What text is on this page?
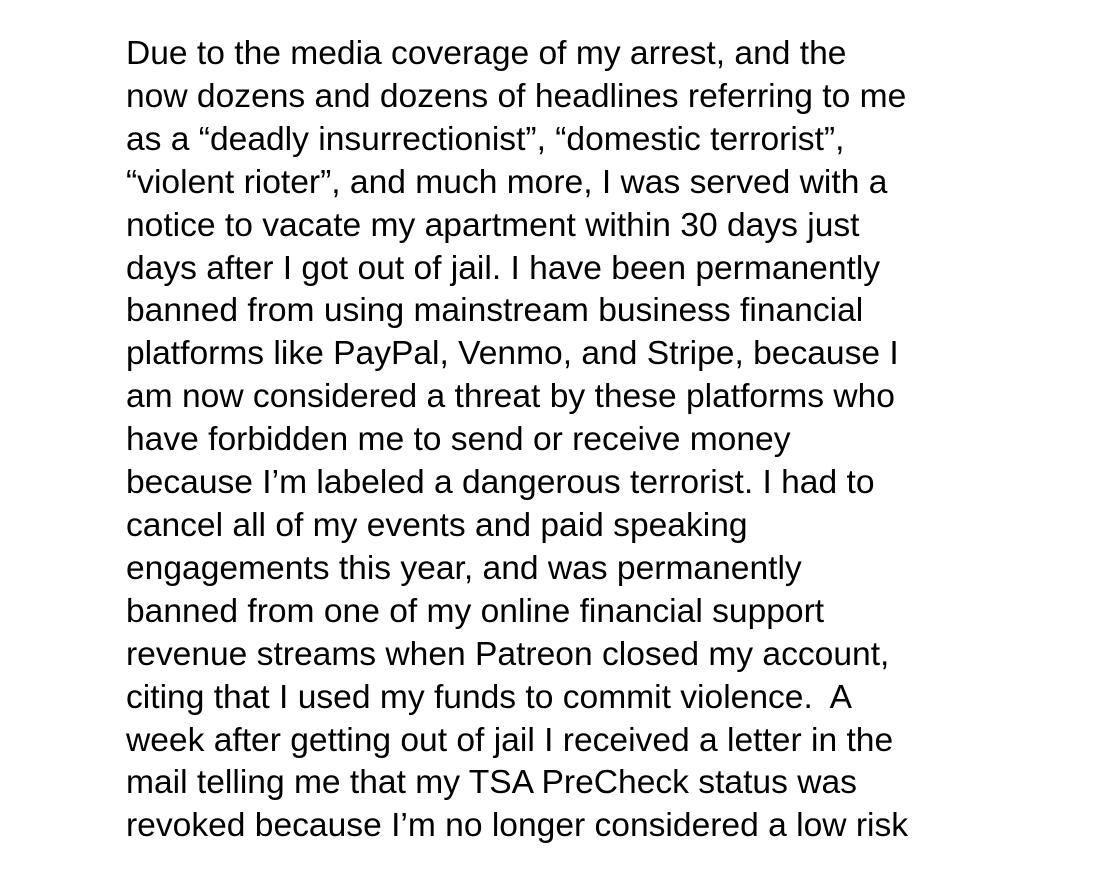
Due to the media coverage of my arrest, and the
now dozens and dozens of headlines referring to me
as a “deadly insurrectionist”, “domestic terrorist”,
“violent rioter”, and much more, I was served with a
notice to vacate my apartment within 30 days just
days after I got out of jail. I have been permanently
banned from using mainstream business financial
platforms like PayPal, Venmo, and Stripe, because I
am now considered a threat by these platforms who
have forbidden me to send or receive money
because I’m labeled a dangerous terrorist. I had to
cancel all of my events and paid speaking
engagements this year, and was permanently
banned from one of my online financial support
revenue streams when Patreon closed my account,
citing that I used my funds to commit violence.  A
week after getting out of jail I received a letter in the
mail telling me that my TSA PreCheck status was
revoked because I’m no longer considered a low risk
